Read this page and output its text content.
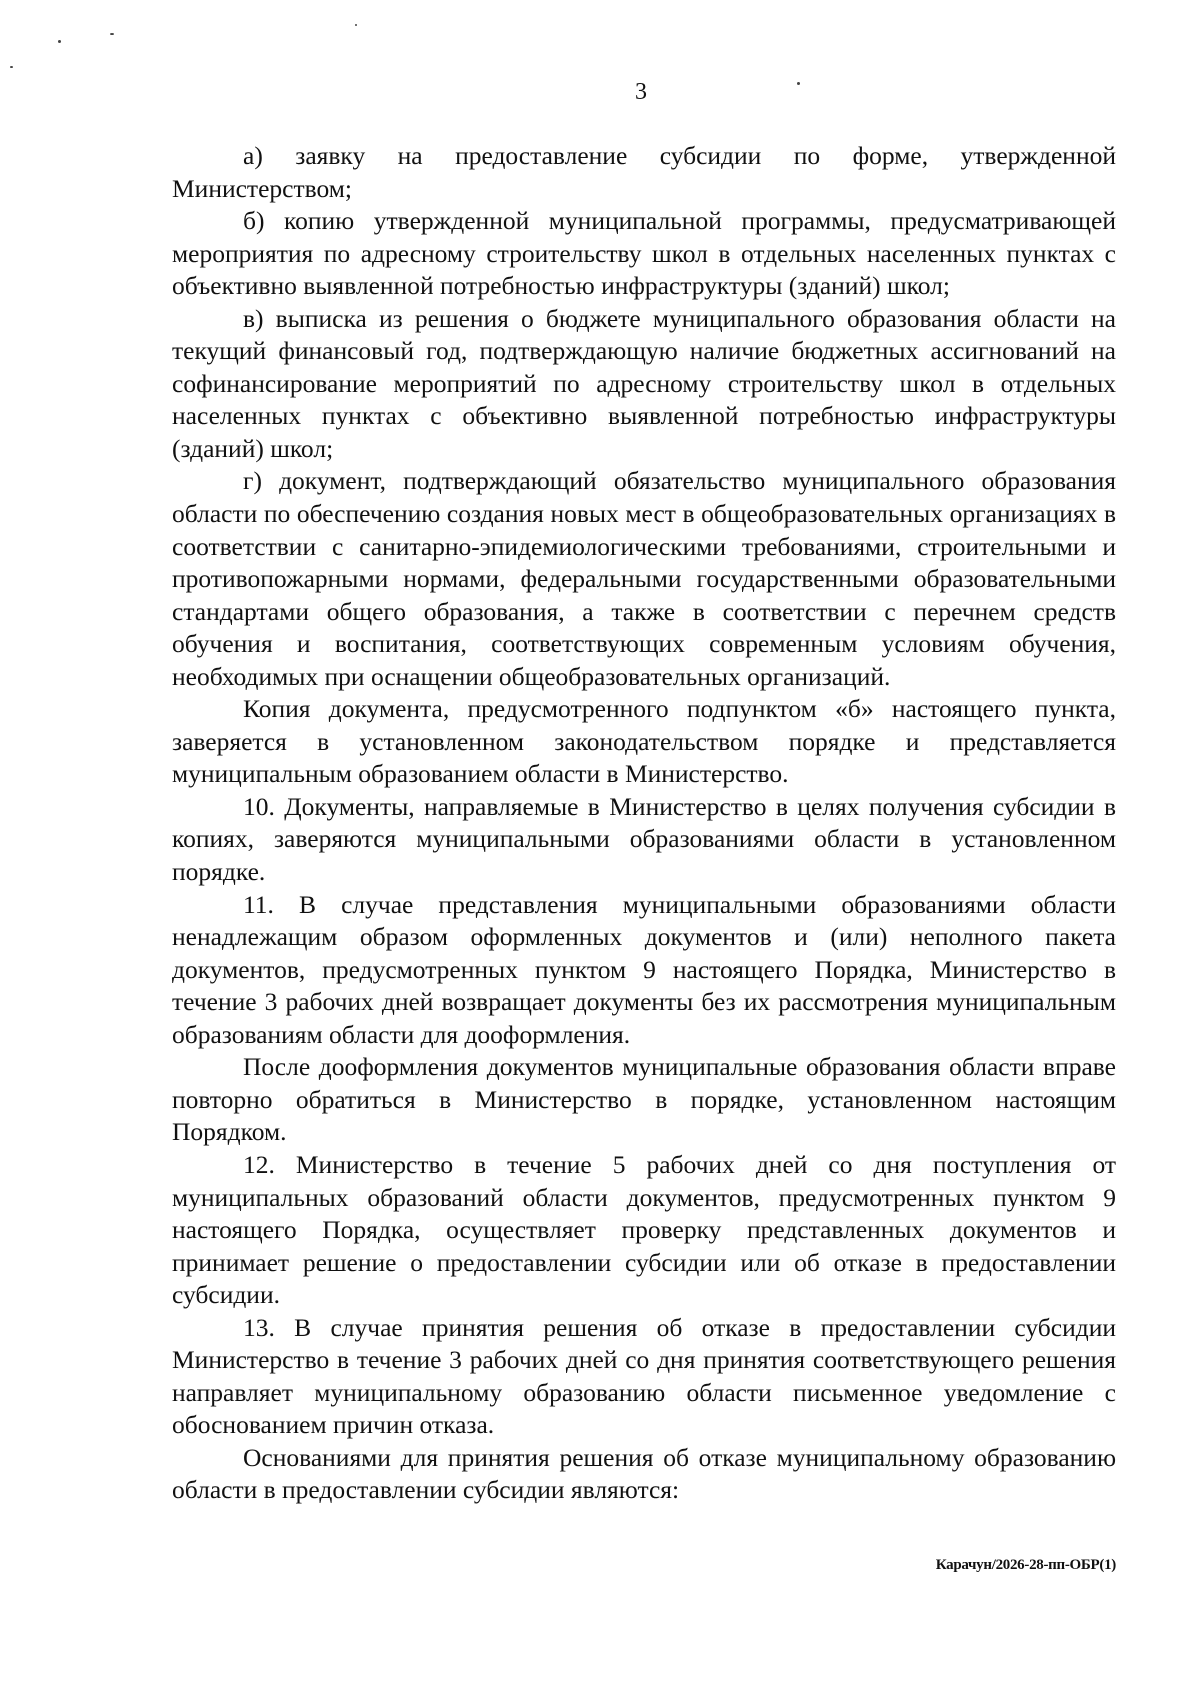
3

а) заявку на предоставление субсидии по форме, утвержденной Министерством;

б) копию утвержденной муниципальной программы, предусматривающей мероприятия по адресному строительству школ в отдельных населенных пунктах с объективно выявленной потребностью инфраструктуры (зданий) школ;

в) выписка из решения о бюджете муниципального образования области на текущий финансовый год, подтверждающую наличие бюджетных ассигнований на софинансирование мероприятий по адресному строительству школ в отдельных населенных пунктах с объективно выявленной потребностью инфраструктуры (зданий) школ;

г) документ, подтверждающий обязательство муниципального образования области по обеспечению создания новых мест в общеобразовательных организациях в соответствии с санитарно-эпидемиологическими требованиями, строительными и противопожарными нормами, федеральными государственными образовательными стандартами общего образования, а также в соответствии с перечнем средств обучения и воспитания, соответствующих современным условиям обучения, необходимых при оснащении общеобразовательных организаций.

Копия документа, предусмотренного подпунктом «б» настоящего пункта, заверяется в установленном законодательством порядке и представляется муниципальным образованием области в Министерство.

10. Документы, направляемые в Министерство в целях получения субсидии в копиях, заверяются муниципальными образованиями области в установленном порядке.

11. В случае представления муниципальными образованиями области ненадлежащим образом оформленных документов и (или) неполного пакета документов, предусмотренных пунктом 9 настоящего Порядка, Министерство в течение 3 рабочих дней возвращает документы без их рассмотрения муниципальным образованиям области для дооформления.

После дооформления документов муниципальные образования области вправе повторно обратиться в Министерство в порядке, установленном настоящим Порядком.

12. Министерство в течение 5 рабочих дней со дня поступления от муниципальных образований области документов, предусмотренных пунктом 9 настоящего Порядка, осуществляет проверку представленных документов и принимает решение о предоставлении субсидии или об отказе в предоставлении субсидии.

13. В случае принятия решения об отказе в предоставлении субсидии Министерство в течение 3 рабочих дней со дня принятия соответствующего решения направляет муниципальному образованию области письменное уведомление с обоснованием причин отказа.

Основаниями для принятия решения об отказе муниципальному образованию области в предоставлении субсидии являются:

Карачун/2026-28-пп-ОБР(1)
